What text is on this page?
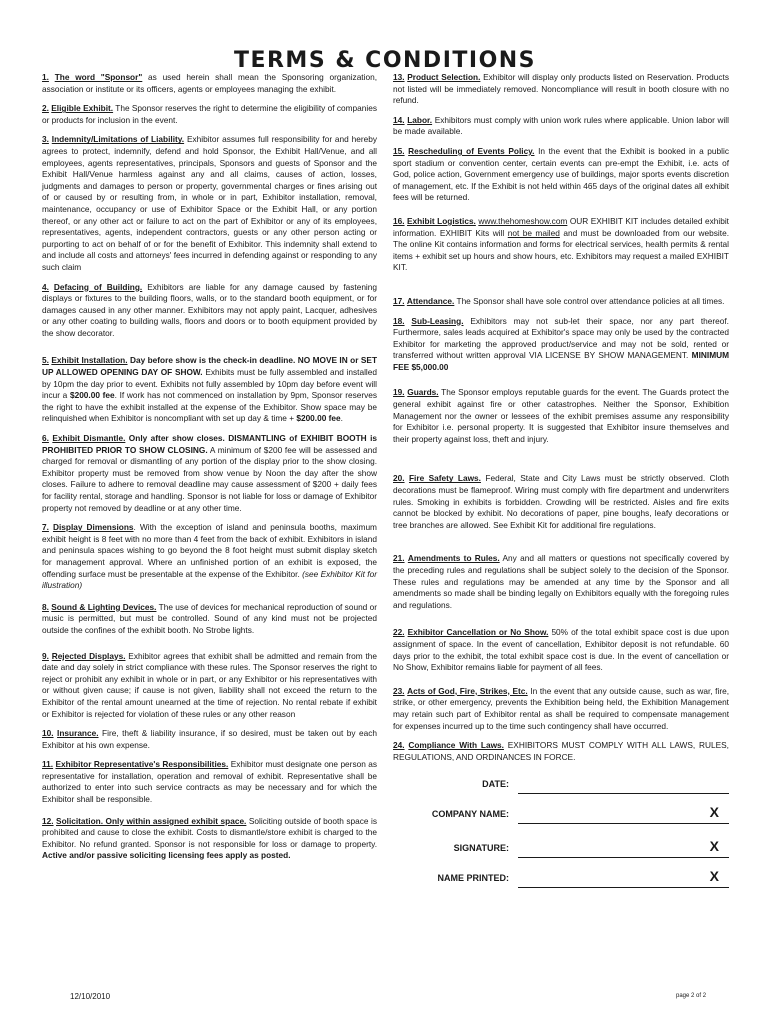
TERMS & CONDITIONS
1. The word "Sponsor" as used herein shall mean the Sponsoring organization, association or institute or its officers, agents or employees managing the exhibit.
2. Eligible Exhibit. The Sponsor reserves the right to determine the eligibility of companies or products for inclusion in the event.
3. Indemnity/Limitations of Liability. Exhibitor assumes full responsibility for and hereby agrees to protect, indemnify, defend and hold Sponsor, the Exhibit Hall/Venue, and all employees, agents representatives, principals, Sponsors and guests of Sponsor and the Exhibit Hall/Venue harmless against any and all claims, causes of action, losses, judgments and damages to person or property, governmental charges or fines arising out of or caused by or resulting from, in whole or in part, Exhibitor installation, removal, maintenance, occupancy or use of Exhibitor Space or the Exhibit Hall, or any portion thereof, or any other act or failure to act on the part of Exhibitor or any of its employees, representatives, agents, independent contractors, guests or any other person acting or purporting to act on behalf of or for the benefit of Exhibitor. This indemnity shall extend to and include all costs and attorneys' fees incurred in defending against or responding to any such claim
4. Defacing of Building. Exhibitors are liable for any damage caused by fastening displays or fixtures to the building floors, walls, or to the standard booth equipment, or for damages caused in any other manner. Exhibitors may not apply paint, Lacquer, adhesives or any other coating to building walls, floors and doors or to booth equipment provided by the show decorator.
5. Exhibit Installation. Day before show is the check-in deadline. NO MOVE IN or SET UP ALLOWED OPENING DAY OF SHOW. Exhibits must be fully assembled and installed by 10pm the day prior to event. Exhibits not fully assembled by 10pm day before event will incur a $200.00 fee. If work has not commenced on installation by 9pm, Sponsor reserves the right to have the exhibit installed at the expense of the Exhibitor. Show space may be relinquished when Exhibitor is noncompliant with set up day & time + $200.00 fee.
6. Exhibit Dismantle. Only after show closes. DISMANTLING of EXHIBIT BOOTH is PROHIBITED PRIOR TO SHOW CLOSING. A minimum of $200 fee will be assessed and charged for removal or dismantling of any portion of the display prior to the show closing. Exhibitor property must be removed from show venue by Noon the day after the show closes. Failure to adhere to removal deadline may cause assessment of $200 + daily fees for facility rental, storage and handling. Sponsor is not liable for loss or damage of Exhibitor property not removed by deadline or at any other time.
7. Display Dimensions. With the exception of island and peninsula booths, maximum exhibit height is 8 feet with no more than 4 feet from the back of exhibit. Exhibitors in island and peninsula spaces wishing to go beyond the 8 foot height must submit display sketch for management approval. Where an unfinished portion of an exhibit is exposed, the offending surface must be presentable at the expense of the Exhibitor. (see Exhibitor Kit for illustration)
8. Sound & Lighting Devices. The use of devices for mechanical reproduction of sound or music is permitted, but must be controlled. Sound of any kind must not be projected outside the confines of the exhibit booth. No Strobe lights.
9. Rejected Displays. Exhibitor agrees that exhibit shall be admitted and remain from the date and day solely in strict compliance with these rules. The Sponsor reserves the right to reject or prohibit any exhibit in whole or in part, or any Exhibitor or his representatives with or without given cause; if cause is not given, liability shall not exceed the return to the Exhibitor of the rental amount unearned at the time of rejection. No rental rebate if exhibit or Exhibitor is rejected for violation of these rules or any other reason
10. Insurance. Fire, theft & liability insurance, if so desired, must be taken out by each Exhibitor at his own expense.
11. Exhibitor Representative's Responsibilities. Exhibitor must designate one person as representative for installation, operation and removal of exhibit. Representative shall be authorized to enter into such service contracts as may be necessary and for which the Exhibitor shall be responsible.
12. Solicitation. Only within assigned exhibit space. Soliciting outside of booth space is prohibited and cause to close the exhibit. Costs to dismantle/store exhibit is charged to the Exhibitor. No refund granted. Sponsor is not responsible for loss or damage to property. Active and/or passive soliciting licensing fees apply as posted.
13. Product Selection. Exhibitor will display only products listed on Reservation. Products not listed will be immediately removed. Noncompliance will result in booth closure with no refund.
14. Labor. Exhibitors must comply with union work rules where applicable. Union labor will be made available.
15. Rescheduling of Events Policy. In the event that the Exhibit is booked in a public sport stadium or convention center, certain events can pre-empt the Exhibit, i.e. acts of God, police action, Government emergency use of buildings, major sports events discretion of management, etc. If the Exhibit is not held within 465 days of the original dates all exhibit fees will be returned.
16. Exhibit Logistics. www.thehomeshow.com OUR EXHIBIT KIT includes detailed exhibit information. EXHIBIT Kits will not be mailed and must be downloaded from our website. The online Kit contains information and forms for electrical services, health permits & rental items + exhibit set up hours and show hours, etc. Exhibitors may request a mailed EXHIBIT KIT.
17. Attendance. The Sponsor shall have sole control over attendance policies at all times.
18. Sub-Leasing. Exhibitors may not sub-let their space, nor any part thereof. Furthermore, sales leads acquired at Exhibitor's space may only be used by the contracted Exhibitor for marketing the approved product/service and may not be sold, rented or transferred without written approval VIA LICENSE BY SHOW MANAGEMENT. MINIMUM FEE $5,000.00
19. Guards. The Sponsor employs reputable guards for the event. The Guards protect the general exhibit against fire or other catastrophes. Neither the Sponsor, Exhibition Management nor the owner or lessees of the exhibit premises assume any responsibility for Exhibitor i.e. personal property. It is suggested that Exhibitor insure themselves and their property against loss, theft and injury.
20. Fire Safety Laws. Federal, State and City Laws must be strictly observed. Cloth decorations must be flameproof. Wiring must comply with fire department and underwriters rules. Smoking in exhibits is forbidden. Crowding will be restricted. Aisles and fire exits cannot be blocked by exhibit. No decorations of paper, pine boughs, leafy decorations or tree branches are allowed. See Exhibit Kit for additional fire regulations.
21. Amendments to Rules. Any and all matters or questions not specifically covered by the preceding rules and regulations shall be subject solely to the decision of the Sponsor. These rules and regulations may be amended at any time by the Sponsor and all amendments so made shall be binding legally on Exhibitors equally with the foregoing rules and regulations.
22. Exhibitor Cancellation or No Show. 50% of the total exhibit space cost is due upon assignment of space. In the event of cancellation, Exhibitor deposit is not refundable. 60 days prior to the exhibit, the total exhibit space cost is due. In the event of cancellation or No Show, Exhibitor remains liable for payment of all fees.
23. Acts of God, Fire, Strikes, Etc. In the event that any outside cause, such as war, fire, strike, or other emergency, prevents the Exhibition being held, the Exhibition Management may retain such part of Exhibitor rental as shall be required to compensate management for expenses incurred up to the time such contingency shall have occurred.
24. Compliance With Laws. EXHIBITORS MUST COMPLY WITH ALL LAWS, RULES, REGULATIONS, AND ORDINANCES IN FORCE.
DATE:
COMPANY NAME:	X
SIGNATURE:	X
NAME PRINTED:	X
12/10/2010	page 2 of 2
